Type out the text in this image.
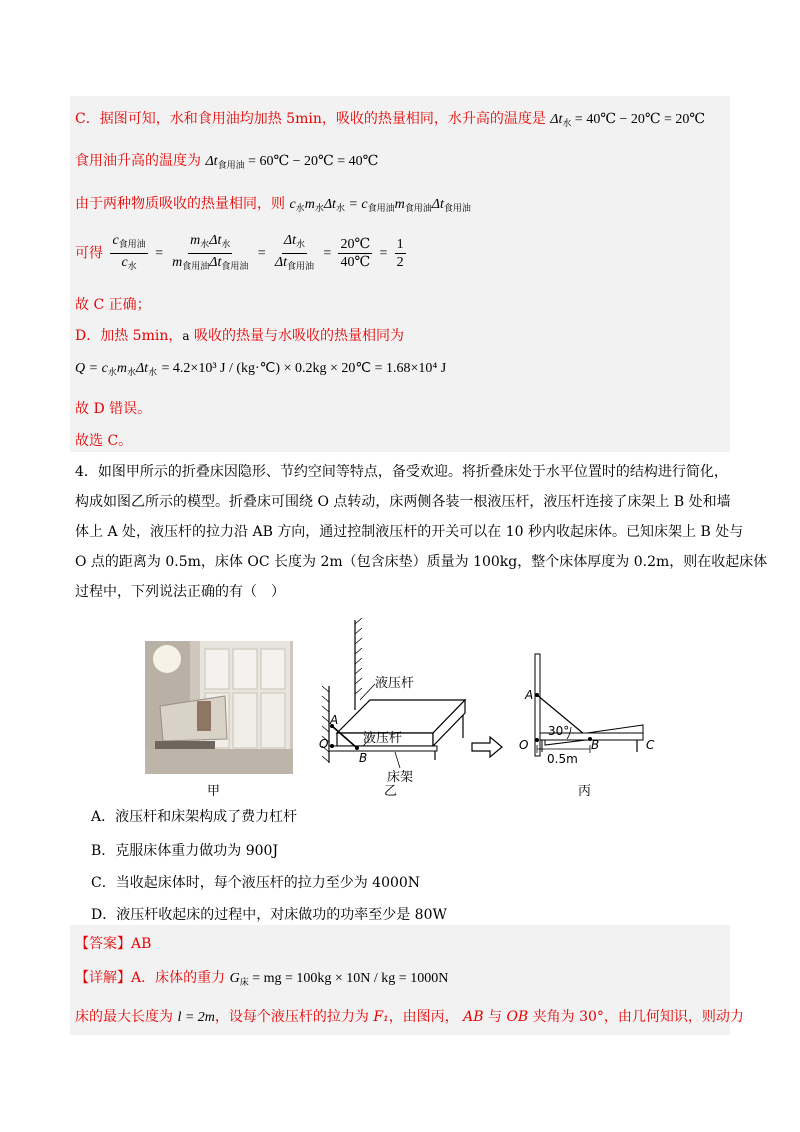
C．据图可知，水和食用油均加热 5min，吸收的热量相同，水升高的温度是 $\Delta t_水$ = 40℃ − 20℃ = 20℃
食用油升高的温度为 $\Delta t_{食用油}$ = 60℃ − 20℃ = 40℃
由于两种物质吸收的热量相同，则 $c_水m_水\Delta t_水 = c_{食用油}m_{食用油}\Delta t_{食用油}$
可得 $\frac{c_{食用油}}{c_水} = \frac{m_水\Delta t_水}{m_{食用油}\Delta t_{食用油}} = \frac{\Delta t_水}{\Delta t_{食用油}} = \frac{20℃}{40℃} = \frac{1}{2}$
故 C 正确；
D．加热 5min，a 吸收的热量与水吸收的热量相同为
$Q = c_水m_水\Delta t_水 = 4.2\times 10^3$ J / (kg·℃) × 0.2kg × 20℃ = 1.68×10⁴ J
故 D 错误。
故选 C。
4．如图甲所示的折叠床因隐形、节约空间等特点，备受欢迎。将折叠床处于水平位置时的结构进行简化，
构成如图乙所示的模型。折叠床可围绕 O 点转动，床两侧各装一根液压杆，液压杆连接了床架上 B 处和墙
体上 A 处，液压杆的拉力沿 AB 方向，通过控制液压杆的开关可以在 10 秒内收起床体。已知床架上 B 处与
O 点的距离为 0.5m，床体 OC 长度为 2m（包含床垫）质量为 100kg，整个床体厚度为 0.2m，则在收起床体
过程中，下列说法正确的有（　）
甲
液压杆
液压杆
床架
A
O
B
乙
A
30°
O	B	C
0.5m
丙
A．液压杆和床架构成了费力杠杆
B．克服床体重力做功为 900J
C．当收起床体时，每个液压杆的拉力至少为 4000N
D．液压杆收起床的过程中，对床做功的功率至少是 80W
【答案】AB
【详解】A．床体的重力 $G_床$ = mg = 100kg × 10N / kg = 1000N
床的最大长度为 l = 2m，设每个液压杆的拉力为 F₁，由图丙， AB 与 OB 夹角为 30°，由几何知识，则动力
